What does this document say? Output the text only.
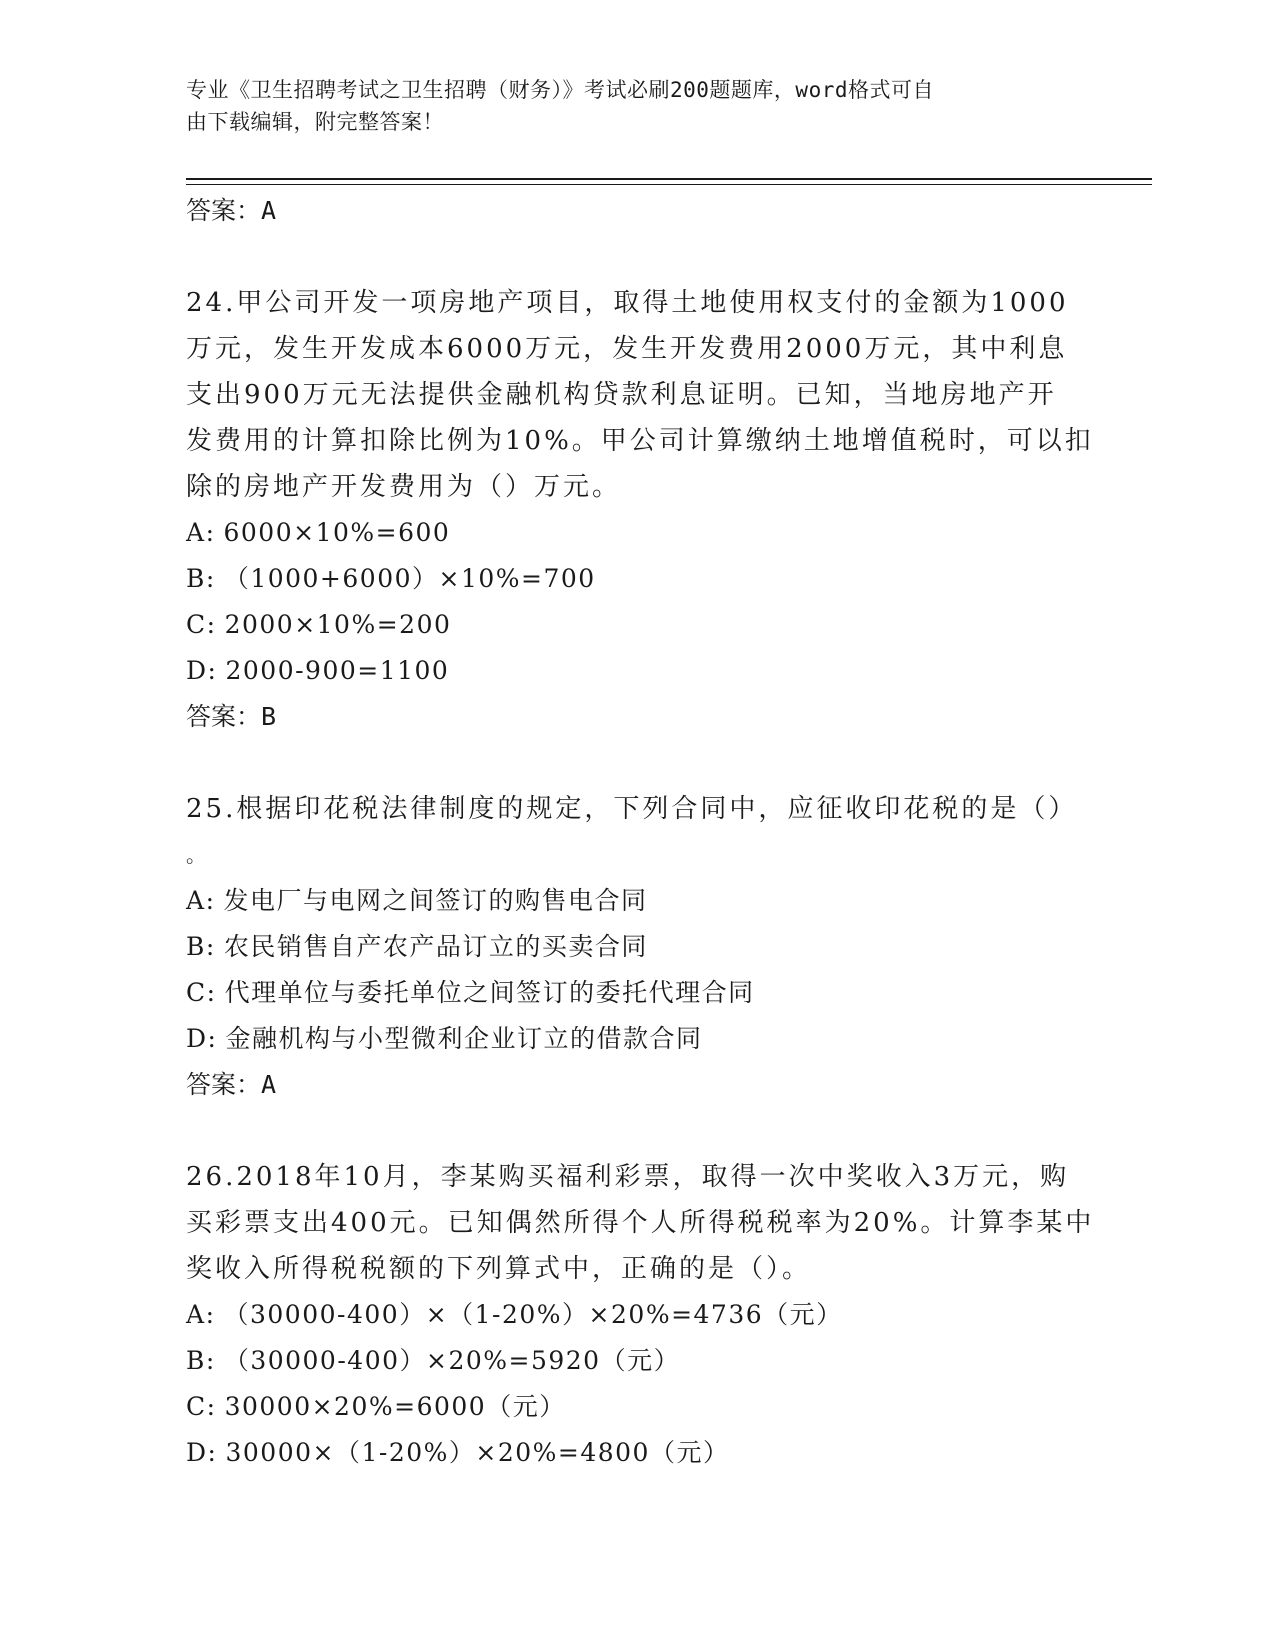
专业《卫生招聘考试之卫生招聘（财务）》考试必刷200题题库，word格式可自
由下载编辑，附完整答案！
答案：A
24.甲公司开发一项房地产项目，取得土地使用权支付的金额为1000
万元，发生开发成本6000万元，发生开发费用2000万元，其中利息
支出900万元无法提供金融机构贷款利息证明。已知，当地房地产开
发费用的计算扣除比例为10%。甲公司计算缴纳土地增值税时，可以扣
除的房地产开发费用为（）万元。
A: 6000×10%=600
B: （1000+6000）×10%=700
C: 2000×10%=200
D: 2000-900=1100
答案：B
25.根据印花税法律制度的规定，下列合同中，应征收印花税的是（）
。
A: 发电厂与电网之间签订的购售电合同
B: 农民销售自产农产品订立的买卖合同
C: 代理单位与委托单位之间签订的委托代理合同
D: 金融机构与小型微利企业订立的借款合同
答案：A
26.2018年10月，李某购买福利彩票，取得一次中奖收入3万元，购
买彩票支出400元。已知偶然所得个人所得税税率为20%。计算李某中
奖收入所得税税额的下列算式中，正确的是（）。
A: （30000-400）×（1-20%）×20%=4736（元）
B: （30000-400）×20%=5920（元）
C: 30000×20%=6000（元）
D: 30000×（1-20%）×20%=4800（元）
